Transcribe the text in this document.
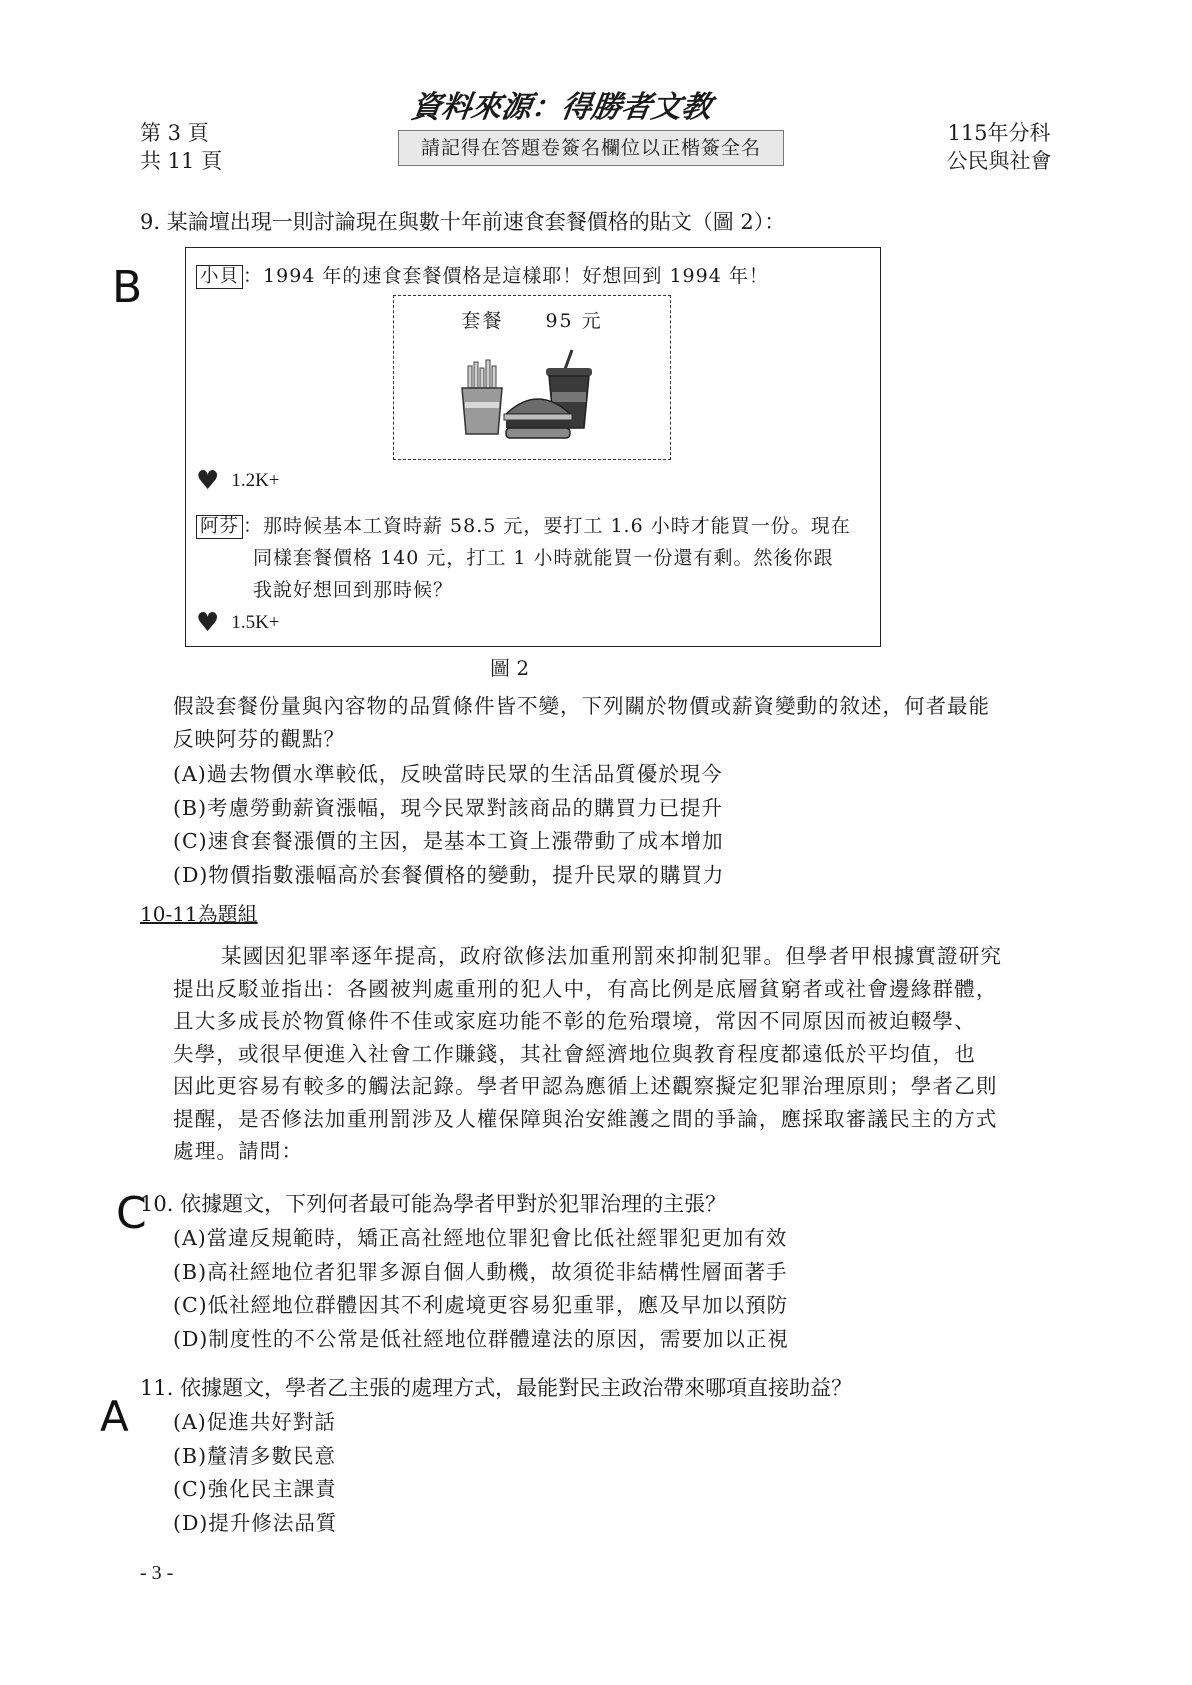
第 3 頁
共 11 頁
資料來源：得勝者文教
請記得在答題卷簽名欄位以正楷簽全名
115年分科
公民與社會
9. 某論壇出現一則討論現在與數十年前速食套餐價格的貼文（圖 2）：
B	小貝 ：1994 年的速食套餐價格是這樣耶！好想回到 1994 年！
套餐 95 元
♥ 1.2K+
阿芬 ：那時候基本工資時薪 58.5 元，要打工 1.6 小時才能買一份。現在
同樣套餐價格 140 元，打工 1 小時就能買一份還有剩。然後你跟
我說好想回到那時候？
♥ 1.5K+
圖 2
假設套餐份量與內容物的品質條件皆不變，下列關於物價或薪資變動的敘述，何者最能
反映阿芬的觀點？
(A)過去物價水準較低，反映當時民眾的生活品質優於現今
(B)考慮勞動薪資漲幅，現今民眾對該商品的購買力已提升
(C)速食套餐漲價的主因，是基本工資上漲帶動了成本增加
(D)物價指數漲幅高於套餐價格的變動，提升民眾的購買力
10-11為題組
某國因犯罪率逐年提高，政府欲修法加重刑罰來抑制犯罪。但學者甲根據實證研究
提出反駁並指出：各國被判處重刑的犯人中，有高比例是底層貧窮者或社會邊緣群體，
且大多成長於物質條件不佳或家庭功能不彰的危殆環境，常因不同原因而被迫輟學、
失學，或很早便進入社會工作賺錢，其社會經濟地位與教育程度都遠低於平均值，也
因此更容易有較多的觸法記錄。學者甲認為應循上述觀察擬定犯罪治理原則；學者乙則
提醒，是否修法加重刑罰涉及人權保障與治安維護之間的爭論，應採取審議民主的方式
處理。請問：
C
10. 依據題文，下列何者最可能為學者甲對於犯罪治理的主張？
(A)當違反規範時，矯正高社經地位罪犯會比低社經罪犯更加有效
(B)高社經地位者犯罪多源自個人動機，故須從非結構性層面著手
(C)低社經地位群體因其不利處境更容易犯重罪，應及早加以預防
(D)制度性的不公常是低社經地位群體違法的原因，需要加以正視
11. 依據題文，學者乙主張的處理方式，最能對民主政治帶來哪項直接助益？
A (A)促進共好對話
(B)釐清多數民意
(C)強化民主課責
(D)提升修法品質
- 3 -
